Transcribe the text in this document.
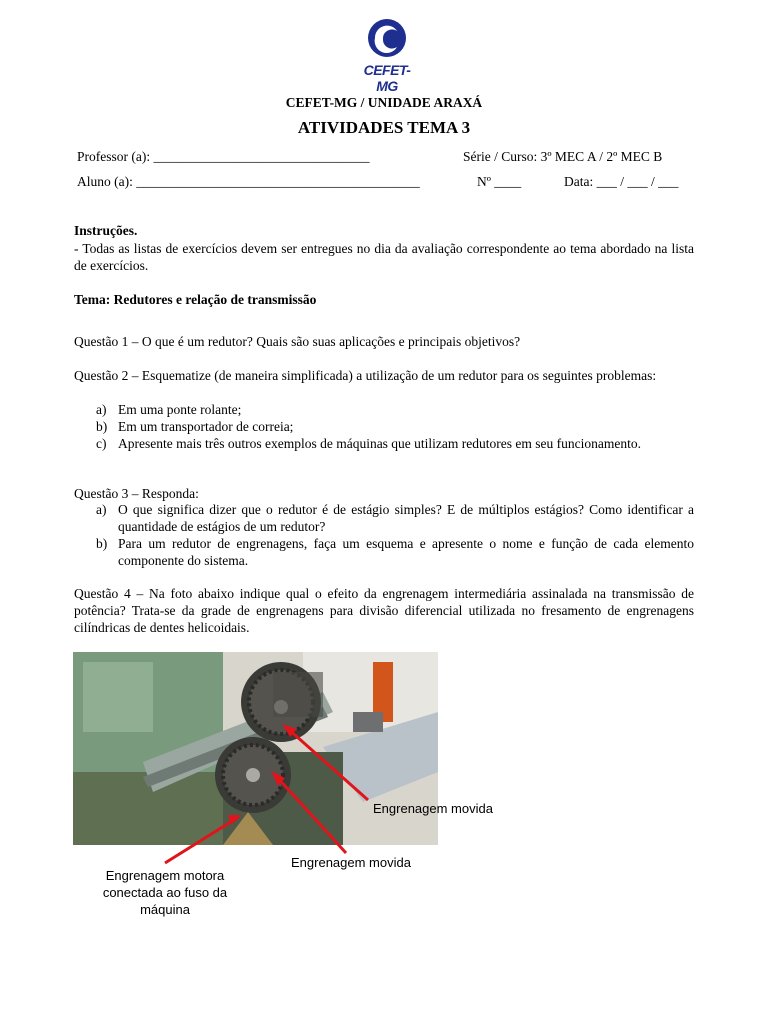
CEFET-MG
CEFET-MG / UNIDADE ARAXÁ
ATIVIDADES TEMA 3
Professor (a): ________________________________	Série / Curso: 3º MEC A / 2º MEC B
Aluno (a): __________________________________________	Nº ____	Data: ___ / ___ / ___
Instruções.
- Todas as listas de exercícios devem ser entregues no dia da avaliação correspondente ao tema abordado na lista de exercícios.
Tema: Redutores e relação de transmissão
Questão 1 – O que é um redutor? Quais são suas aplicações e principais objetivos?
Questão 2 – Esquematize (de maneira simplificada) a utilização de um redutor para os seguintes problemas:
a) Em uma ponte rolante;
b) Em um transportador de correia;
c) Apresente mais três outros exemplos de máquinas que utilizam redutores em seu funcionamento.
Questão 3 – Responda:
a) O que significa dizer que o redutor é de estágio simples? E de múltiplos estágios? Como identificar a quantidade de estágios de um redutor?
b) Para um redutor de engrenagens, faça um esquema e apresente o nome e função de cada elemento componente do sistema.
Questão 4 – Na foto abaixo indique qual o efeito da engrenagem intermediária assinalada na transmissão de potência? Trata-se da grade de engrenagens para divisão diferencial utilizada no fresamento de engrenagens cilíndricas de dentes helicoidais.
Engrenagem movida
Engrenagem movida
Engrenagem motora
conectada ao fuso da
máquina
